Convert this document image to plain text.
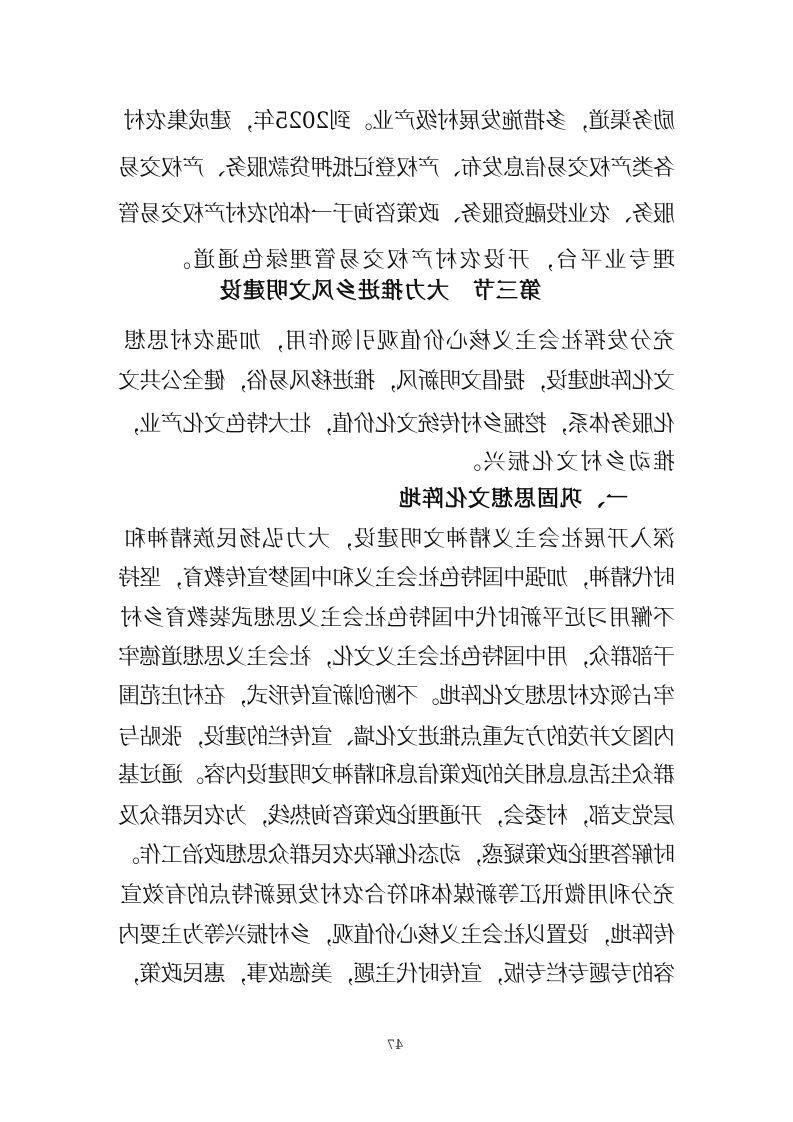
励务渠道，多措施发展村级产业。到2025年，建成集农村
各类产权交易信息发布、产权登记抵押贷款服务、产权交易
服务、农业投融资服务、政策咨询于一体的农村产权交易管
理专业平台，开设农村产权交易管理绿色通道。
第三节　大力推进乡风文明建设
充分发挥社会主义核心价值观引领作用，加强农村思想
文化阵地建设，提倡文明新风，推进移风易俗，健全公共文
化服务体系，挖掘乡村传统文化价值，壮大特色文化产业，
推动乡村文化振兴。
一、巩固思想文化阵地
深入开展社会主义精神文明建设，大力弘扬民族精神和
时代精神，加强中国特色社会主义和中国梦宣传教育，坚持
不懈用习近平新时代中国特色社会主义思想武装教育乡村
干部群众，用中国特色社会主义文化，社会主义思想道德牢
牢占领农村思想文化阵地。不断创新宣传形式，在村庄范围
内图文并茂的方式重点推进文化墙、宣传栏的建设，张贴与
群众生活息息相关的政策信息和精神文明建设内容。通过基
层党支部，村委会，开通理论政策咨询热线，为农民群众及
时解答理论政策疑惑，动态化解决农民群众思想政治工作。
充分利用微讯江等新媒体和符合农村发展新特点的有效宣
传阵地，设置以社会主义核心价值观，乡村振兴等为主要内
容的专题专栏专版，宣传时代主题，美德故事，惠民政策，
47
